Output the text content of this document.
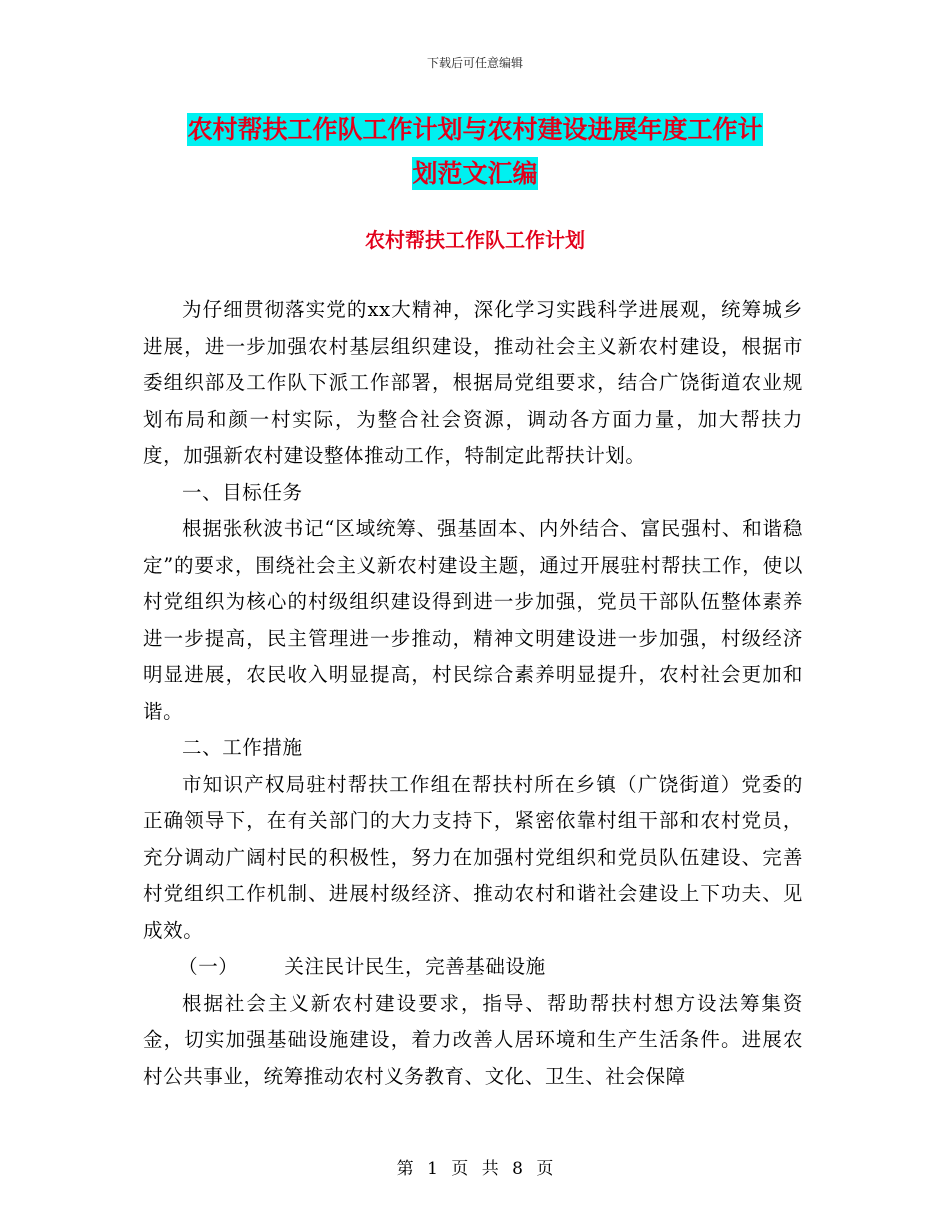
下载后可任意编辑
农村帮扶工作队工作计划与农村建设进展年度工作计
划范文汇编
农村帮扶工作队工作计划

为仔细贯彻落实党的xx大精神，深化学习实践科学进展观，统筹城乡进展，进一步加强农村基层组织建设，推动社会主义新农村建设，根据市委组织部及工作队下派工作部署，根据局党组要求，结合广饶街道农业规划布局和颜一村实际，为整合社会资源，调动各方面力量，加大帮扶力度，加强新农村建设整体推动工作，特制定此帮扶计划。

一、目标任务

根据张秋波书记“区域统筹、强基固本、内外结合、富民强村、和谐稳定”的要求，围绕社会主义新农村建设主题，通过开展驻村帮扶工作，使以村党组织为核心的村级组织建设得到进一步加强，党员干部队伍整体素养进一步提高，民主管理进一步推动，精神文明建设进一步加强，村级经济明显进展，农民收入明显提高，村民综合素养明显提升，农村社会更加和谐。

二、工作措施

市知识产权局驻村帮扶工作组在帮扶村所在乡镇（广饶街道）党委的正确领导下，在有关部门的大力支持下，紧密依靠村组干部和农村党员，充分调动广阔村民的积极性，努力在加强村党组织和党员队伍建设、完善村党组织工作机制、进展村级经济、推动农村和谐社会建设上下功夫、见成效。

（一） 关注民计民生，完善基础设施

根据社会主义新农村建设要求，指导、帮助帮扶村想方设法筹集资金，切实加强基础设施建设，着力改善人居环境和生产生活条件。进展农村公共事业，统筹推动农村义务教育、文化、卫生、社会保障

第 1 页 共 8 页
